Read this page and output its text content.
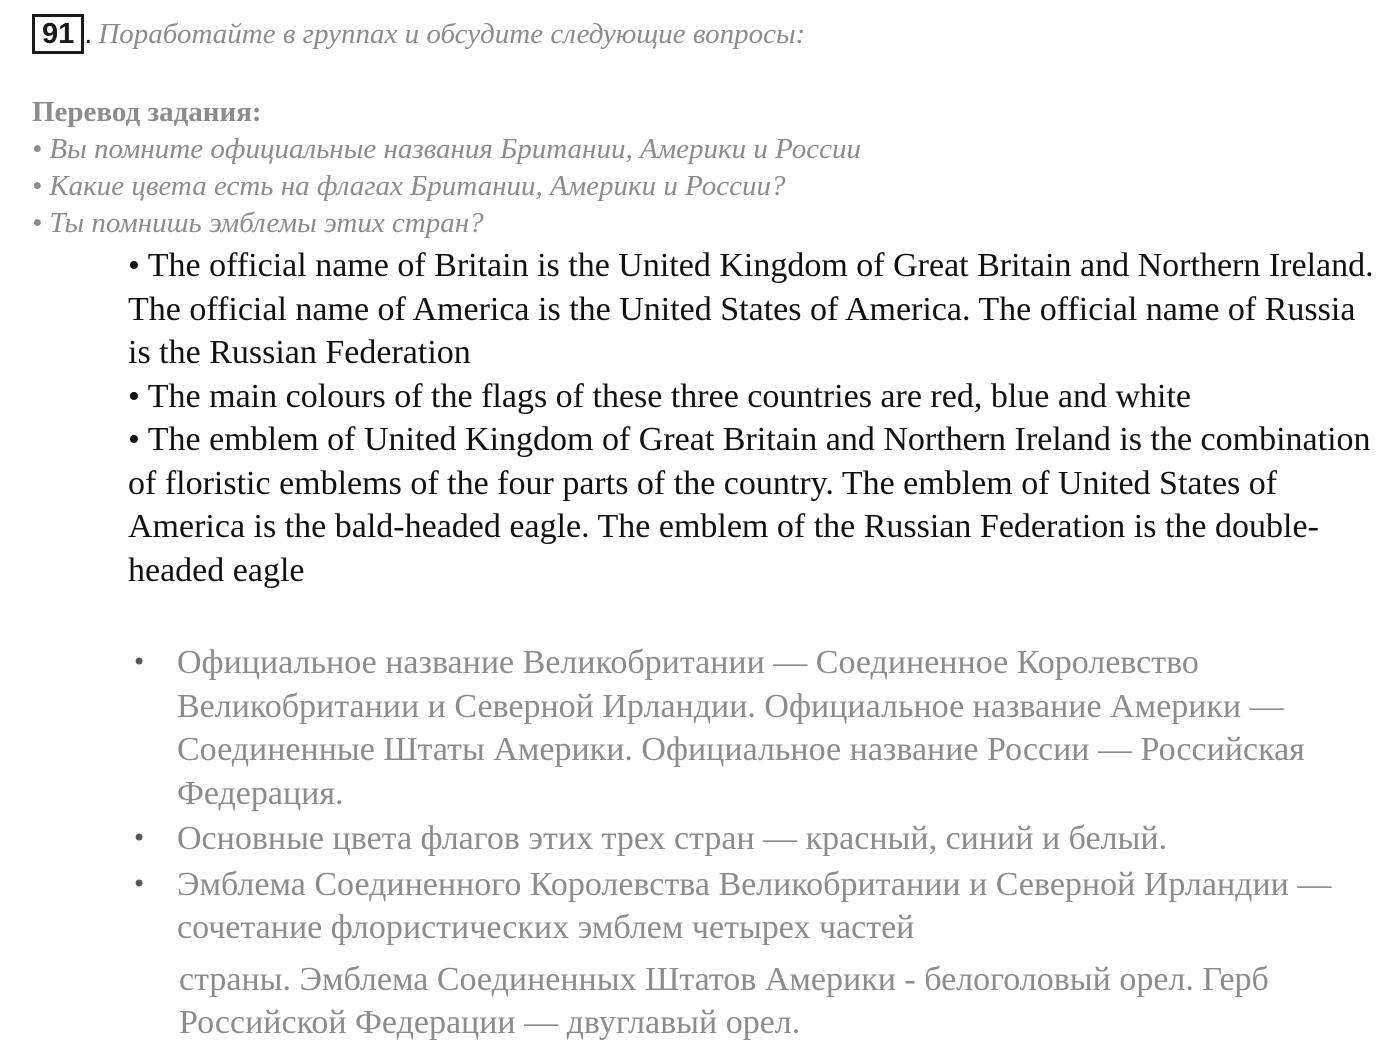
91 . Поработайте в группах и обсудите следующие вопросы:
Перевод задания:
• Вы помните официальные названия Британии, Америки и России
• Какие цвета есть на флагах Британии, Америки и России?
• Ты помнишь эмблемы этих стран?
• The official name of Britain is the United Kingdom of Great Britain and Northern Ireland. The official name of America is the United States of America. The official name of Russia is the Russian Federation
• The main colours of the flags of these three countries are red, blue and white
• The emblem of United Kingdom of Great Britain and Northern Ireland is the combination of floristic emblems of the four parts of the country. The emblem of United States of America is the bald-headed eagle. The emblem of the Russian Federation is the double-headed eagle
• Официальное название Великобритании — Соединенное Королевство Великобритании и Северной Ирландии. Официальное название Америки — Соединенные Штаты Америки. Официальное название России — Российская Федерация.
• Основные цвета флагов этих трех стран — красный, синий и белый.
• Эмблема Соединенного Королевства Великобритании и Северной Ирландии — сочетание флористических эмблем четырех частей
страны. Эмблема Соединенных Штатов Америки - белоголовый орел. Герб Российской Федерации — двуглавый орел.
